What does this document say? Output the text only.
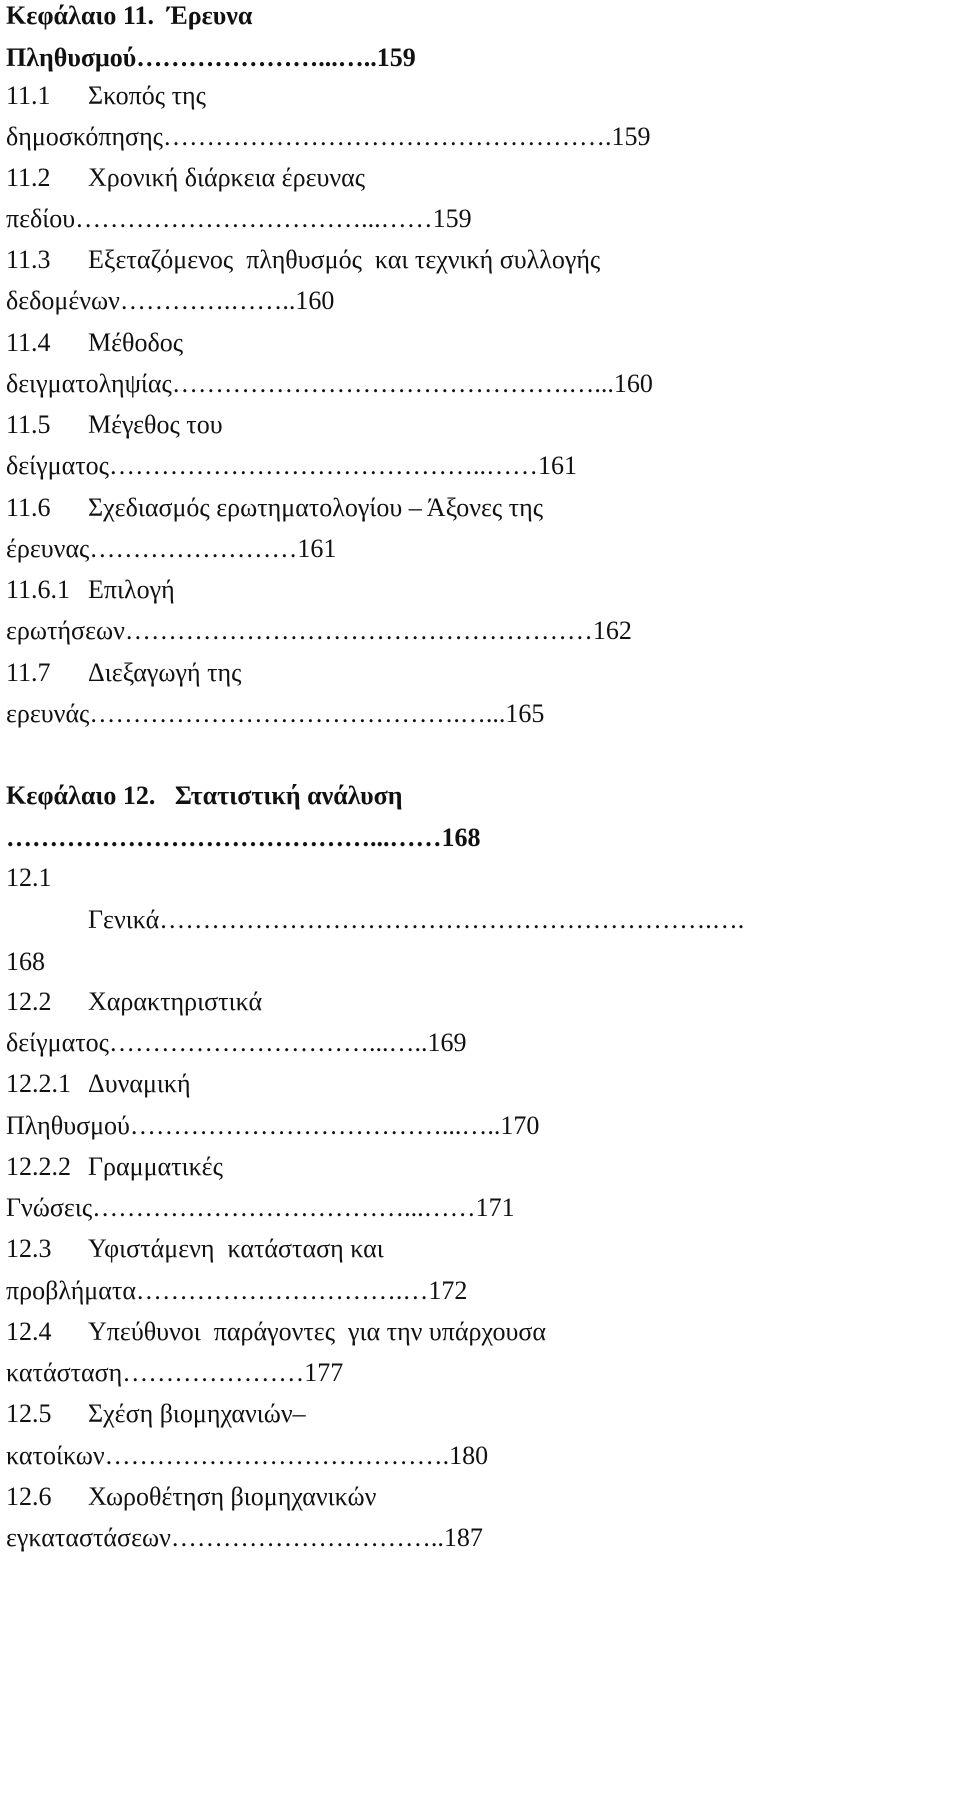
Κεφάλαιο 11.  Έρευνα

Πληθυσμού…………………...…..159

11.1 Σκοπός της

δημοσκόπησης…………………………………………….159

11.2 Χρονική διάρκεια έρευνας

πεδίου……………………………...……159

11.3 Εξεταζόμενος  πληθυσμός  και τεχνική συλλογής

δεδομένων………….……..160

11.4 Μέθοδος

δειγματοληψίας……………………………………….…...160

11.5 Μέγεθος του

δείγματος……………………………………..……161

11.6 Σχεδιασμός ερωτηματολογίου – Άξονες της

έρευνας……………………161

11.6.1 Επιλογή

ερωτήσεων………………………………………………162

11.7 Διεξαγωγή της

ερευνάς…………………………………….…...165

Κεφάλαιο 12.   Στατιστική ανάλυση

……………………………………...……168

12.1

Γενικά……………………………………………………….….

168

12.2 Χαρακτηριστικά

δείγματος…………………………...…..169

12.2.1 Δυναμική

Πληθυσμού………………………………...…..170

12.2.2 Γραμματικές

Γνώσεις………………………………...……171

12.3 Υφιστάμενη  κατάσταση και

προβλήματα………………………….…172

12.4 Υπεύθυνοι  παράγοντες  για την υπάρχουσα

κατάσταση…………………177

12.5 Σχέση βιομηχανιών–

κατοίκων………………………………….180

12.6 Χωροθέτηση βιομηχανικών

εγκαταστάσεων…………………………..187
